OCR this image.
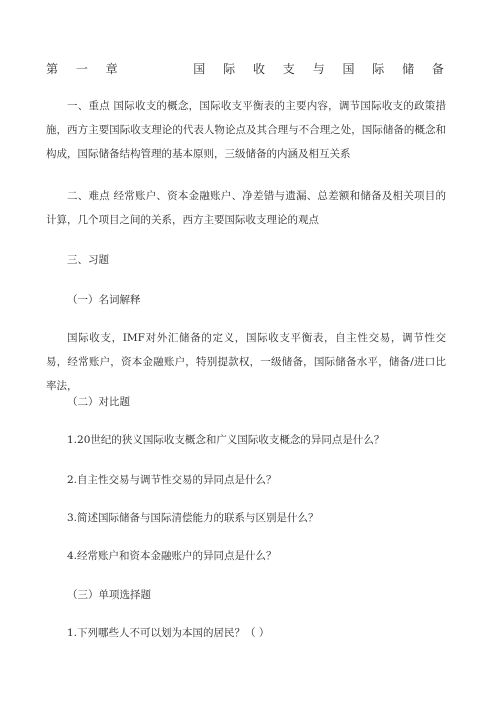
第 一 章	国 际 收 支 与 国 际 储 备

一、重点 国际收支的概念，国际收支平衡表的主要内容，调节国际收支的政策措施，西方主要国际收支理论的代表人物论点及其合理与不合理之处，国际储备的概念和构成，国际储备结构管理的基本原则，三级储备的内涵及相互关系

二、难点 经常账户、资本金融账户、净差错与遗漏、总差额和储备及相关项目的计算，几个项目之间的关系，西方主要国际收支理论的观点

三、习题

（一）名词解释

国际收支，IMF对外汇储备的定义，国际收支平衡表，自主性交易，调节性交易，经常账户，资本金融账户，特别提款权，一级储备，国际储备水平，储备/进口比率法，

（二）对比题

1.20世纪的狭义国际收支概念和广义国际收支概念的异同点是什么？

2.自主性交易与调节性交易的异同点是什么？

3.简述国际储备与国际清偿能力的联系与区别是什么？

4.经常账户和资本金融账户的异同点是什么？

（三）单项选择题

1.下列哪些人不可以划为本国的居民？（ ）
